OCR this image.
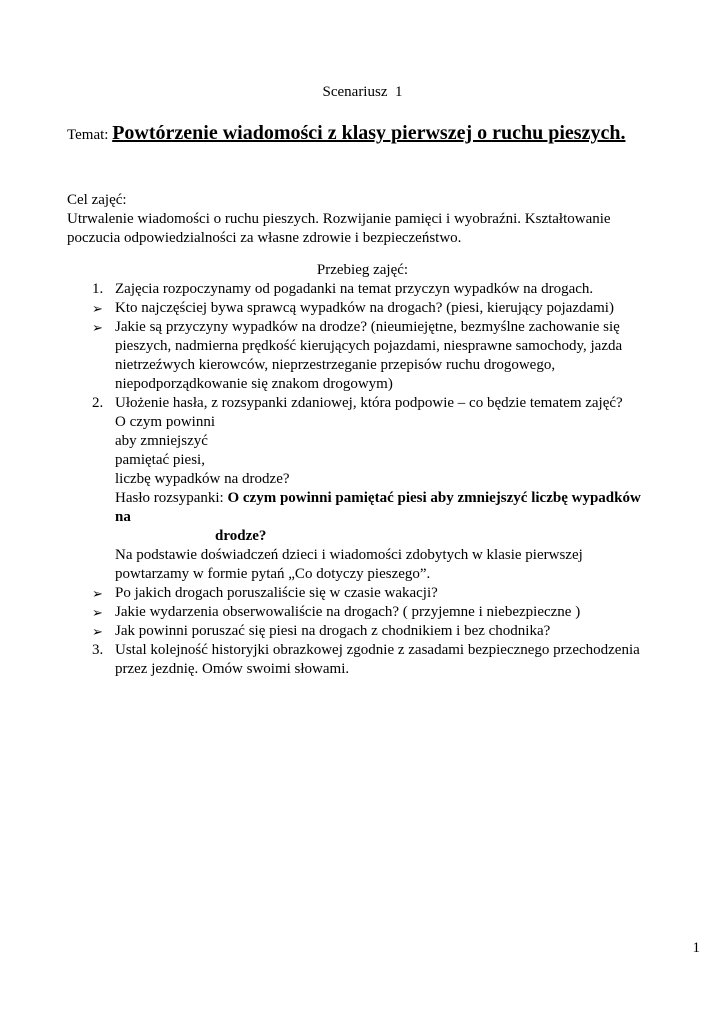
Scenariusz  1
Temat: Powtórzenie wiadomości z klasy pierwszej o ruchu pieszych.
Cel zajęć:
Utrwalenie wiadomości o ruchu pieszych. Rozwijanie pamięci i wyobraźni. Kształtowanie poczucia odpowiedzialności za własne zdrowie i bezpieczeństwo.
Przebieg zajęć:
1. Zajęcia rozpoczynamy od pogadanki na temat przyczyn wypadków na drogach.
➢ Kto najczęściej bywa sprawcą wypadków na drogach? (piesi, kierujący pojazdami)
➢ Jakie są przyczyny wypadków na drodze? (nieumiejętne, bezmyślne zachowanie się pieszych, nadmierna prędkość kierujących pojazdami, niesprawne samochody, jazda nietrzeźwych kierowców, nieprzestrzeganie przepisów ruchu drogowego, niepodporządkowanie się znakom drogowym)
2. Ułożenie hasła, z rozsypanki zdaniowej, która podpowie – co będzie tematem zajęć?
O czym powinni
aby zmniejszyć
pamiętać piesi,
liczbę wypadków na drodze?
Hasło rozsypanki: O czym powinni pamiętać piesi aby zmniejszyć liczbę wypadków na
drodze?
Na podstawie doświadczeń dzieci i wiadomości zdobytych w klasie pierwszej powtarzamy w formie pytań „Co dotyczy pieszego”.
➢ Po jakich drogach poruszaliście się w czasie wakacji?
➢ Jakie wydarzenia obserwowaliście na drogach? ( przyjemne i niebezpieczne )
➢ Jak powinni poruszać się piesi na drogach z chodnikiem i bez chodnika?
3. Ustal kolejność historyjki obrazkowej zgodnie z zasadami bezpiecznego przechodzenia przez jezdnię. Omów swoimi słowami.
1
